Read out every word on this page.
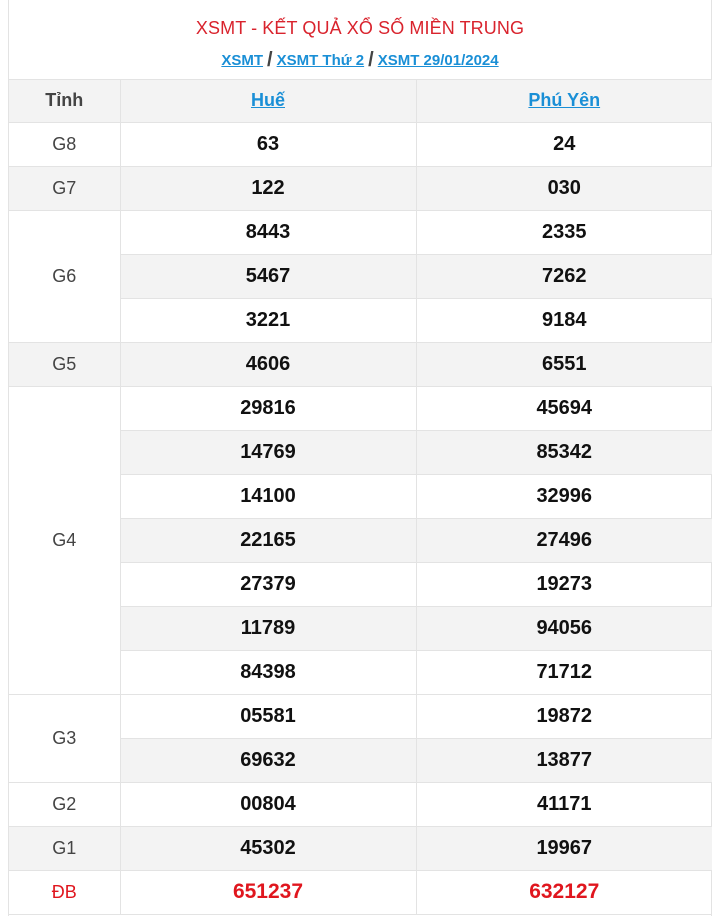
XSMT - KẾT QUẢ XỔ SỐ MIỀN TRUNG
XSMT / XSMT Thứ 2 / XSMT 29/01/2024
Tỉnh	Huế	Phú Yên
G8	63	24
G7	122	030
G6	8443	2335
	5467	7262
	3221	9184
G5	4606	6551
G4	29816	45694
	14769	85342
	14100	32996
	22165	27496
	27379	19273
	11789	94056
	84398	71712
G3	05581	19872
	69632	13877
G2	00804	41171
G1	45302	19967
ĐB	651237	632127
